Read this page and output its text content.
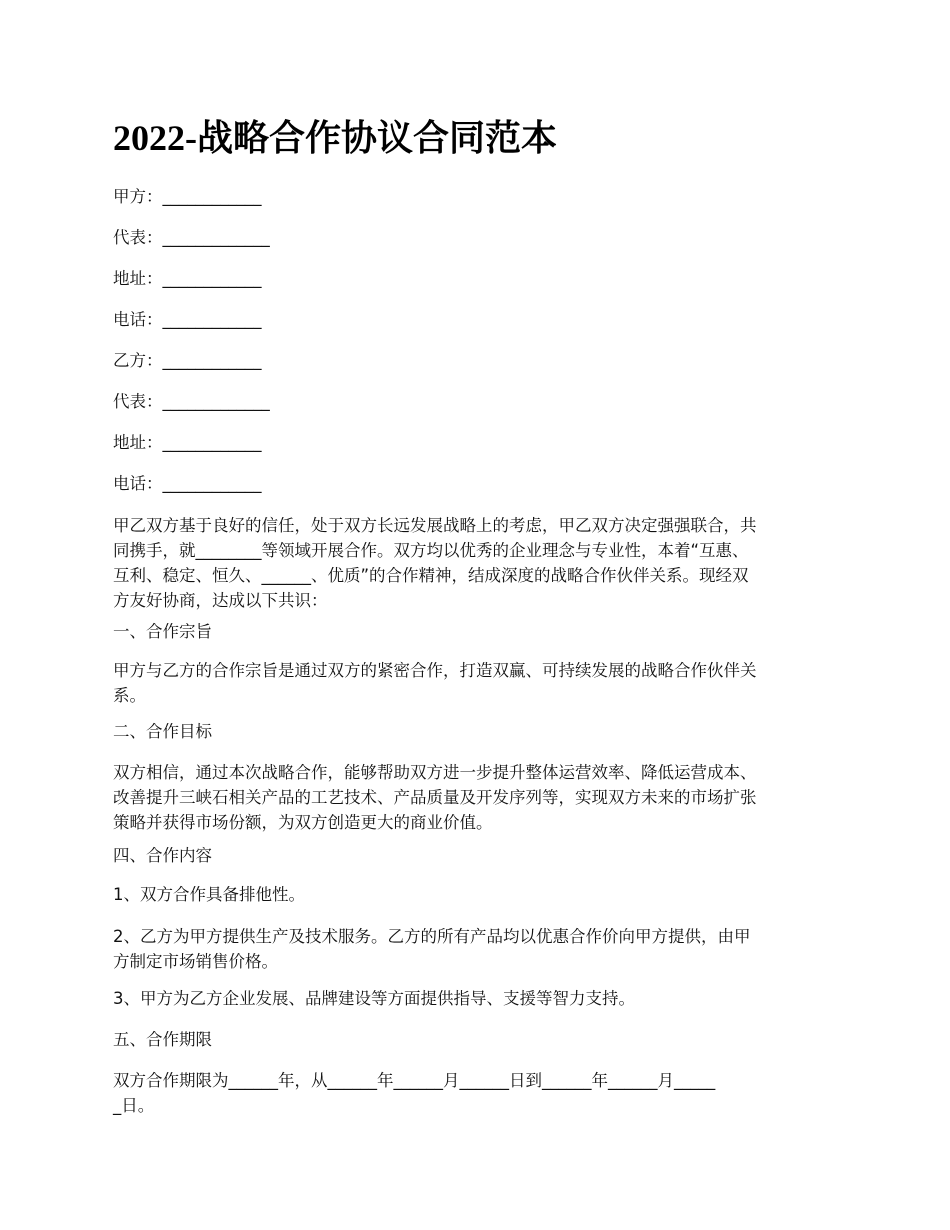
2022-战略合作协议合同范本
甲方：____________
代表：_____________
地址：____________
电话：____________
乙方：____________
代表：_____________
地址：____________
电话：____________
甲乙双方基于良好的信任，处于双方长远发展战略上的考虑，甲乙双方决定强强联合，共
同携手，就________等领域开展合作。双方均以优秀的企业理念与专业性，本着“互惠、
互利、稳定、恒久、______、优质”的合作精神，结成深度的战略合作伙伴关系。现经双
方友好协商，达成以下共识：
一、合作宗旨
甲方与乙方的合作宗旨是通过双方的紧密合作，打造双赢、可持续发展的战略合作伙伴关
系。
二、合作目标
双方相信，通过本次战略合作，能够帮助双方进一步提升整体运营效率、降低运营成本、
改善提升三峡石相关产品的工艺技术、产品质量及开发序列等，实现双方未来的市场扩张
策略并获得市场份额，为双方创造更大的商业价值。
四、合作内容
1、双方合作具备排他性。
2、乙方为甲方提供生产及技术服务。乙方的所有产品均以优惠合作价向甲方提供，由甲
方制定市场销售价格。
3、甲方为乙方企业发展、品牌建设等方面提供指导、支援等智力支持。
五、合作期限
双方合作期限为______年，从______年______月______日到______年______月_____
_日。
